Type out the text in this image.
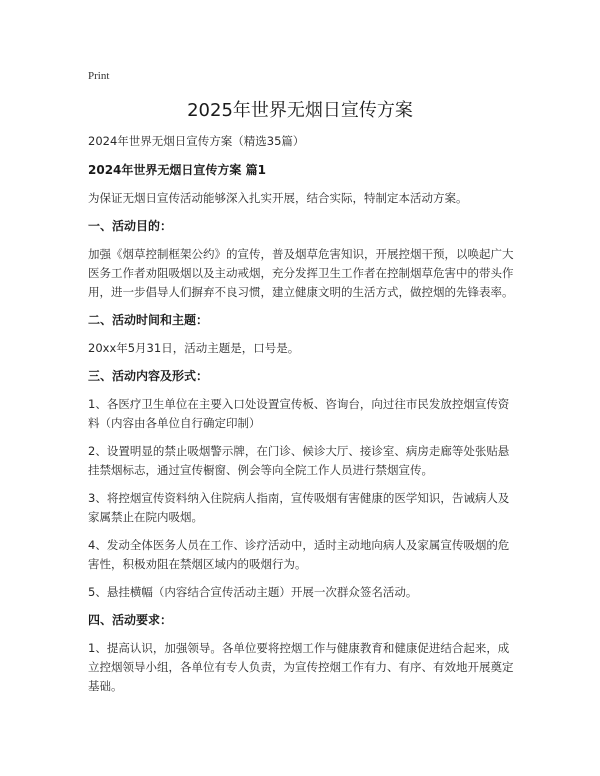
Print
2025年世界无烟日宣传方案

2024年世界无烟日宣传方案（精选35篇）

2024年世界无烟日宣传方案 篇1

为保证无烟日宣传活动能够深入扎实开展，结合实际，特制定本活动方案。

一、活动目的：

加强《烟草控制框架公约》的宣传，普及烟草危害知识，开展控烟干预，以唤起广大医务工作者劝阻吸烟以及主动戒烟，充分发挥卫生工作者在控制烟草危害中的带头作用，进一步倡导人们摒弃不良习惯，建立健康文明的生活方式，做控烟的先锋表率。

二、活动时间和主题：

20xx年5月31日，活动主题是，口号是。

三、活动内容及形式：

1、各医疗卫生单位在主要入口处设置宣传板、咨询台，向过往市民发放控烟宣传资料（内容由各单位自行确定印制）

2、设置明显的禁止吸烟警示牌，在门诊、候诊大厅、接诊室、病房走廊等处张贴悬挂禁烟标志，通过宣传橱窗、例会等向全院工作人员进行禁烟宣传。

3、将控烟宣传资料纳入住院病人指南，宣传吸烟有害健康的医学知识，告诫病人及家属禁止在院内吸烟。

4、发动全体医务人员在工作、诊疗活动中，适时主动地向病人及家属宣传吸烟的危害性，积极劝阻在禁烟区域内的吸烟行为。

5、悬挂横幅（内容结合宣传活动主题）开展一次群众签名活动。

四、活动要求：

1、提高认识，加强领导。各单位要将控烟工作与健康教育和健康促进结合起来，成立控烟领导小组，各单位有专人负责，为宣传控烟工作有力、有序、有效地开展奠定基础。
